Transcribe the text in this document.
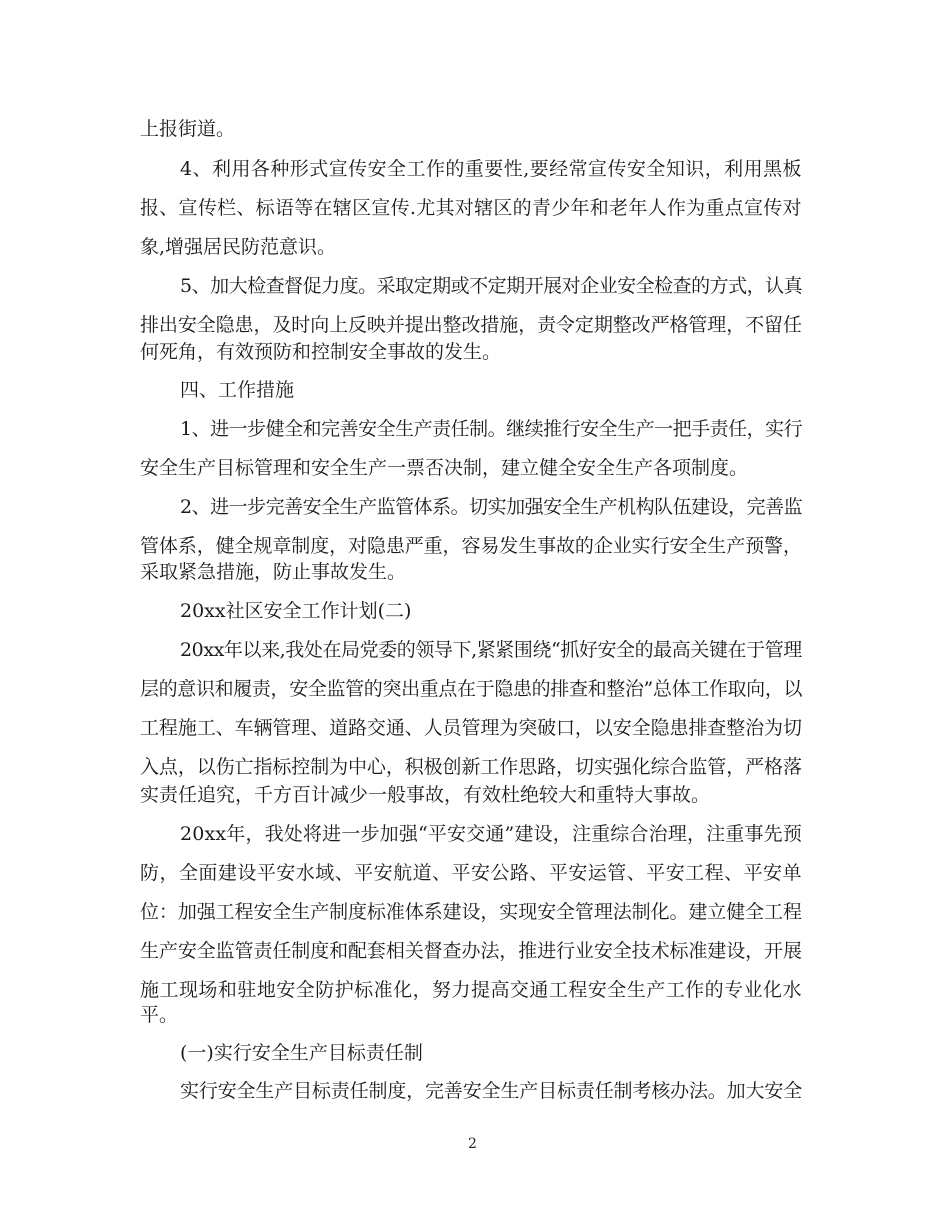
上报街道。
4、利用各种形式宣传安全工作的重要性,要经常宣传安全知识，利用黑板
报、宣传栏、标语等在辖区宣传.尤其对辖区的青少年和老年人作为重点宣传对
象,增强居民防范意识。
5、加大检查督促力度。采取定期或不定期开展对企业安全检查的方式，认真
排出安全隐患，及时向上反映并提出整改措施，责令定期整改严格管理，不留任
何死角，有效预防和控制安全事故的发生。
四、工作措施
1、进一步健全和完善安全生产责任制。继续推行安全生产一把手责任，实行
安全生产目标管理和安全生产一票否决制，建立健全安全生产各项制度。
2、进一步完善安全生产监管体系。切实加强安全生产机构队伍建设，完善监
管体系，健全规章制度，对隐患严重，容易发生事故的企业实行安全生产预警，
采取紧急措施，防止事故发生。
20xx社区安全工作计划(二)
20xx年以来,我处在局党委的领导下,紧紧围绕“抓好安全的最高关键在于管理
层的意识和履责，安全监管的突出重点在于隐患的排查和整治”总体工作取向，以
工程施工、车辆管理、道路交通、人员管理为突破口，以安全隐患排查整治为切
入点，以伤亡指标控制为中心，积极创新工作思路，切实强化综合监管，严格落
实责任追究，千方百计减少一般事故，有效杜绝较大和重特大事故。
20xx年，我处将进一步加强“平安交通”建设，注重综合治理，注重事先预
防，全面建设平安水域、平安航道、平安公路、平安运管、平安工程、平安单
位：加强工程安全生产制度标准体系建设，实现安全管理法制化。建立健全工程
生产安全监管责任制度和配套相关督查办法，推进行业安全技术标准建设，开展
施工现场和驻地安全防护标准化，努力提高交通工程安全生产工作的专业化水
平。
(一)实行安全生产目标责任制
实行安全生产目标责任制度，完善安全生产目标责任制考核办法。加大安全
2
